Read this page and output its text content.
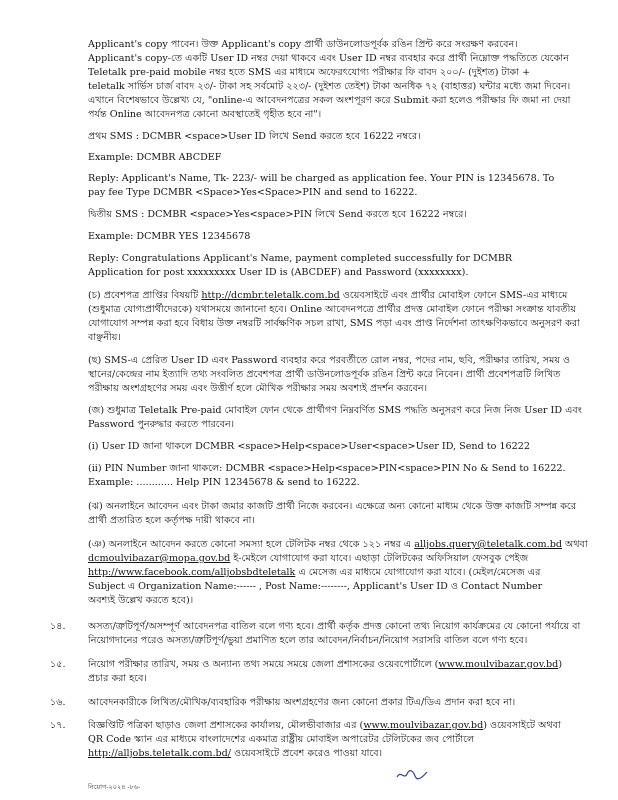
Applicant's copy পাবেন। উক্ত Applicant's copy প্রার্থী ডাউনলোডপূর্বক রঙিন প্রিন্ট করে সংরক্ষণ করবেন।
Applicant's copy-তে একটি User ID নম্বর দেয়া থাকবে এবং User ID নম্বর ব্যবহার করে প্রার্থী নিম্নোক্ত পদ্ধতিতে যেকোন
Teletalk pre-paid mobile নম্বর হতে SMS এর মাধ্যমে অফেরৎযোগ্য পরীক্ষার ফি বাবদ ২০০/- (দুইশত) টাকা +
teletalk সার্ভিস চার্জ বাবদ ২৩/- টাকা সহ সর্বমোট ২২৩/- (দুইশত তেইশ) টাকা অনধিক ৭২ (বাহাত্তর) ঘন্টার মধ্যে জমা দিবেন।
এখানে বিশেষভাবে উল্লেখ্য যে, "online-এ আবেদনপত্রের সকল অংশপূরণ করে Submit করা হলেও পরীক্ষার ফি জমা না দেয়া
পর্যন্ত Online আবেদনপত্র কোনো অবস্থাতেই গৃহীত হবে না"।
প্রথম SMS : DCMBR <space>User ID লিখে Send করতে হবে 16222 নম্বরে।
Example: DCMBR ABCDEF
Reply: Applicant's Name, Tk- 223/- will be charged as application fee. Your PIN is 12345678. To
pay fee Type DCMBR <Space>Yes<Space>PIN and send to 16222.
দ্বিতীয় SMS : DCMBR <space>Yes<space>PIN লিখে Send করতে হবে 16222 নম্বরে।
Example: DCMBR YES 12345678
Reply: Congratulations Applicant's Name, payment completed successfully for DCMBR
Application for post xxxxxxxxx User ID is (ABCDEF) and Password (xxxxxxxx).
(চ) প্রবেশপত্র প্রাপ্তির বিষয়টি http://dcmbr.teletalk.com.bd ওয়েবসাইটে এবং প্রার্থীর মোবাইল ফোনে SMS-এর মাধ্যমে
(শুধুমাত্র যোগ্যপ্রার্থীদেরকে) যথাসময়ে জানানো হবে। Online আবেদনপত্রে প্রার্থীর প্রদত্ত মোবাইল ফোনে পরীক্ষা সংক্রান্ত যাবতীয়
যোগাযোগ সম্পন্ন করা হবে বিধায় উক্ত নম্বরটি সার্বক্ষণিক সচল রাখা, SMS পড়া এবং প্রাপ্ত নির্দেশনা তাৎক্ষণিকভাবে অনুসরণ করা
বাঞ্ছনীয়।
(ছ) SMS-এ প্রেরিত User ID এবং Password ব্যবহার করে পরবর্তীতে রোল নম্বর, পদের নাম, ছবি, পরীক্ষার তারিখ, সময় ও
স্থানের/কেন্দ্রের নাম ইত্যাদি তথ্য সংবলিত প্রবেশপত্র প্রার্থী ডাউনলোডপূর্বক রঙিন প্রিন্ট করে নিবেন। প্রার্থী প্রবেশপত্রটি লিখিত
পরীক্ষায় অংশগ্রহণের সময় এবং উত্তীর্ণ হলে মৌখিক পরীক্ষার সময় অবশ্যই প্রদর্শন করবেন।
(জ) শুধুমাত্র Teletalk Pre-paid মোবাইল ফোন থেকে প্রার্থীগণ নিম্নবর্ণিত SMS পদ্ধতি অনুসরণ করে নিজ নিজ User ID এবং
Password পুনরুদ্ধার করতে পারবেন।
(i) User ID জানা থাকলে DCMBR <space>Help<space>User<space>User ID, Send to 16222
(ii) PIN Number জানা থাকলে: DCMBR <space>Help<space>PIN<space>PIN No & Send to 16222.
Example: ............ Help PIN 12345678 & send to 16222.
(ঝ) অনলাইনে আবেদন এবং টাকা জমার কাজটি প্রার্থী নিজে করবেন। এক্ষেত্রে অন্য কোনো মাধ্যম থেকে উক্ত কাজটি সম্পন্ন করে
প্রার্থী প্রতারিত হলে কর্তৃপক্ষ দায়ী থাকবে না।
(ঞ) অনলাইনে আবেদন করতে কোনো সমস্যা হলে টেলিটক নম্বর থেকে ১২১ নম্বর এ alljobs.query@teletalk.com.bd অথবা
dcmoulvibazar@mopa.gov.bd ই-মেইলে যোগাযোগ করা যাবে। এছাড়া টেলিটকের অফিসিয়াল ফেসবুক পেইজ
http://www.facebook.com/alljobsbdteletalk এ মেসেজ এর মাধ্যমে যোগাযোগ করা যাবে। (মেইল/মেসেজ এর
Subject এ Organization Name:------ , Post Name:--------, Applicant's User ID ও Contact Number
অবশ্যই উল্লেখ করতে হবে)।
১৪. অসত্য/ত্রুটিপূর্ণ/অসম্পূর্ণ আবেদনপত্র বাতিল বলে গণ্য হবে। প্রার্থী কর্তৃক প্রদত্ত কোনো তথ্য নিয়োগ কার্যক্রমের যে কোনো পর্যায়ে বা
নিয়োগদানের পরেও অসত্য/ত্রুটিপূর্ণ/ভুয়া প্রমাণিত হলে তার আবেদন/নির্বাচন/নিয়োগ সরাসরি বাতিল বলে গণ্য হবে।
১৫. নিয়োগ পরীক্ষার তারিখ, সময় ও অন্যান্য তথ্য সময়ে সময়ে জেলা প্রশাসকের ওয়েবপোর্টালে (www.moulvibazar.gov.bd)
প্রচার করা হবে।
১৬. আবেদনকারীকে লিখিত/মৌখিক/ব্যবহারিক পরীক্ষায় অংশগ্রহণের জন্য কোনো প্রকার টিএ/ডিএ প্রদান করা হবে না।
১৭. বিজ্ঞপ্তিটি পত্রিকা ছাড়াও জেলা প্রশাসকের কার্যালয়, মৌলভীবাজার এর (www.moulvibazar.gov.bd) ওয়েবসাইটে অথবা
QR Code স্ক্যান এর মাধ্যমে বাংলাদেশের একমাত্র রাষ্ট্রীয় মোবাইল অপারেটর টেলিটকের জব পোর্টালে
http://alljobs.teletalk.com.bd/ ওয়েবসাইটে প্রবেশ করেও পাওয়া যাবে।
নিয়োগ-২০২৪ -৮৬-
